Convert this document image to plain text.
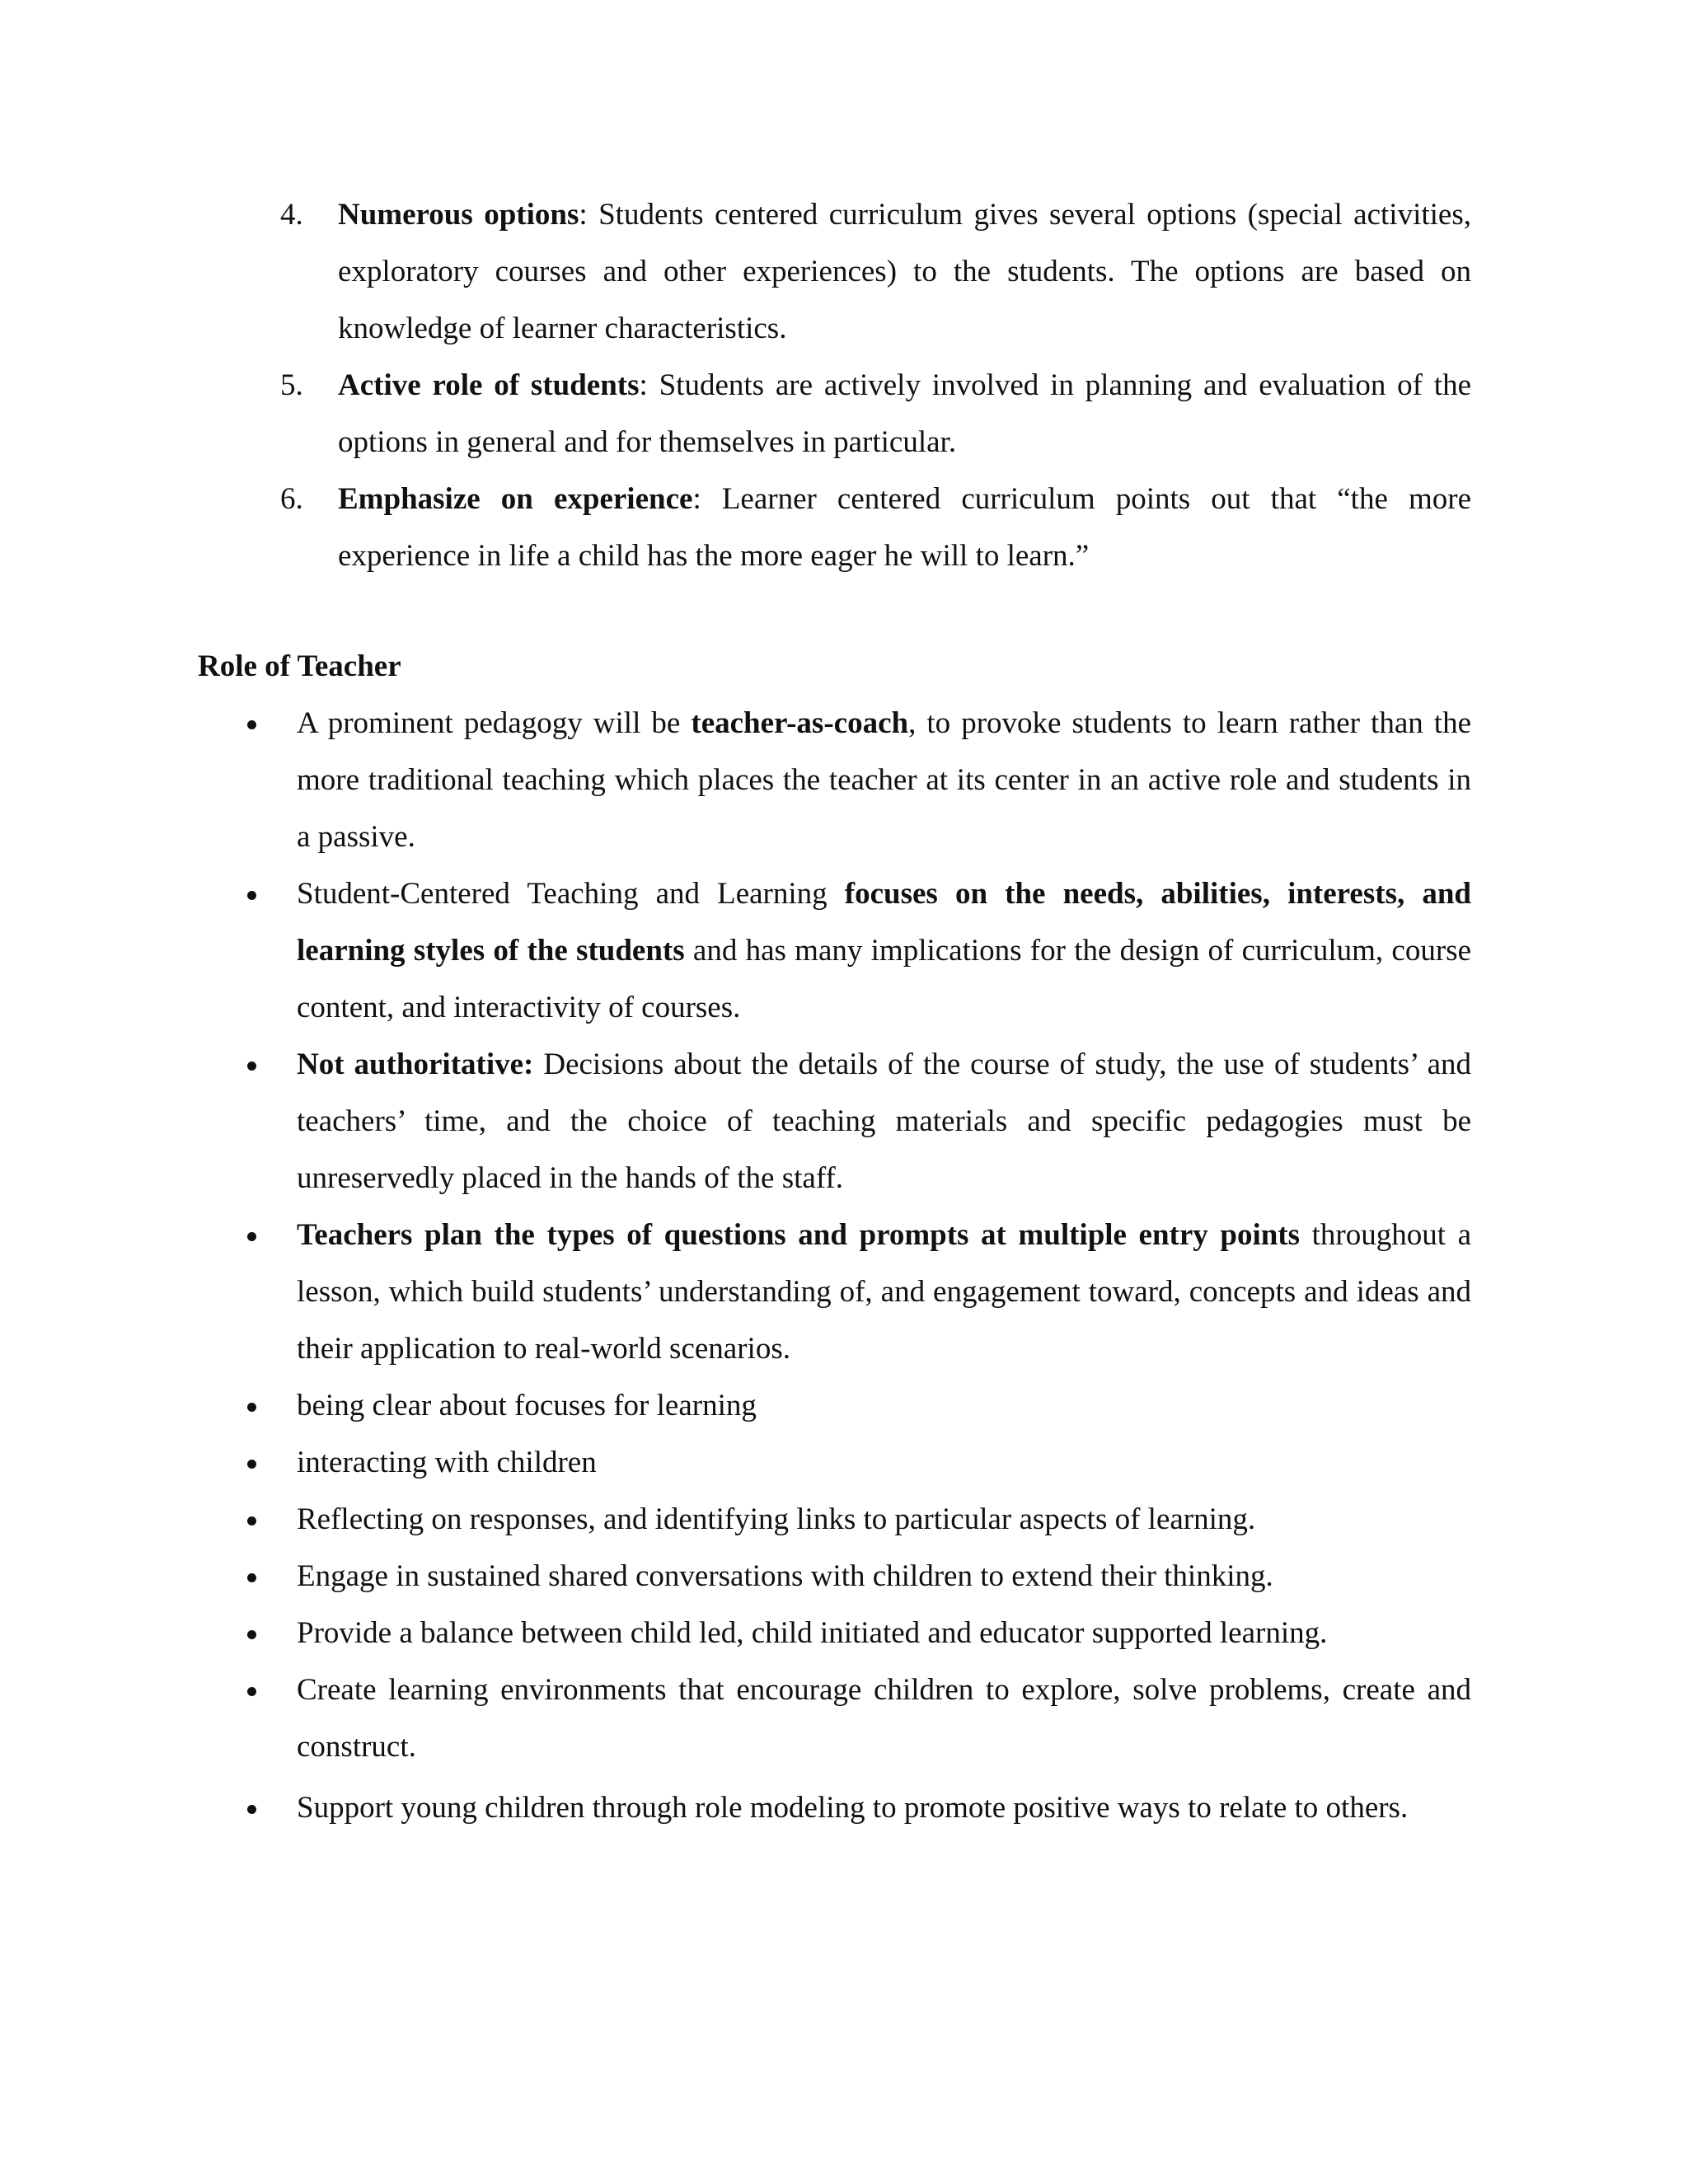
4. Numerous options: Students centered curriculum gives several options (special activities, exploratory courses and other experiences) to the students. The options are based on knowledge of learner characteristics.
5. Active role of students: Students are actively involved in planning and evaluation of the options in general and for themselves in particular.
6. Emphasize on experience: Learner centered curriculum points out that “the more experience in life a child has the more eager he will to learn.”
Role of Teacher
A prominent pedagogy will be teacher-as-coach, to provoke students to learn rather than the more traditional teaching which places the teacher at its center in an active role and students in a passive.
Student-Centered Teaching and Learning focuses on the needs, abilities, interests, and learning styles of the students and has many implications for the design of curriculum, course content, and interactivity of courses.
Not authoritative: Decisions about the details of the course of study, the use of students’ and teachers’ time, and the choice of teaching materials and specific pedagogies must be unreservedly placed in the hands of the staff.
Teachers plan the types of questions and prompts at multiple entry points throughout a lesson, which build students’ understanding of, and engagement toward, concepts and ideas and their application to real-world scenarios.
being clear about focuses for learning
interacting with children
Reflecting on responses, and identifying links to particular aspects of learning.
Engage in sustained shared conversations with children to extend their thinking.
Provide a balance between child led, child initiated and educator supported learning.
Create learning environments that encourage children to explore, solve problems, create and construct.
Support young children through role modeling to promote positive ways to relate to others.
